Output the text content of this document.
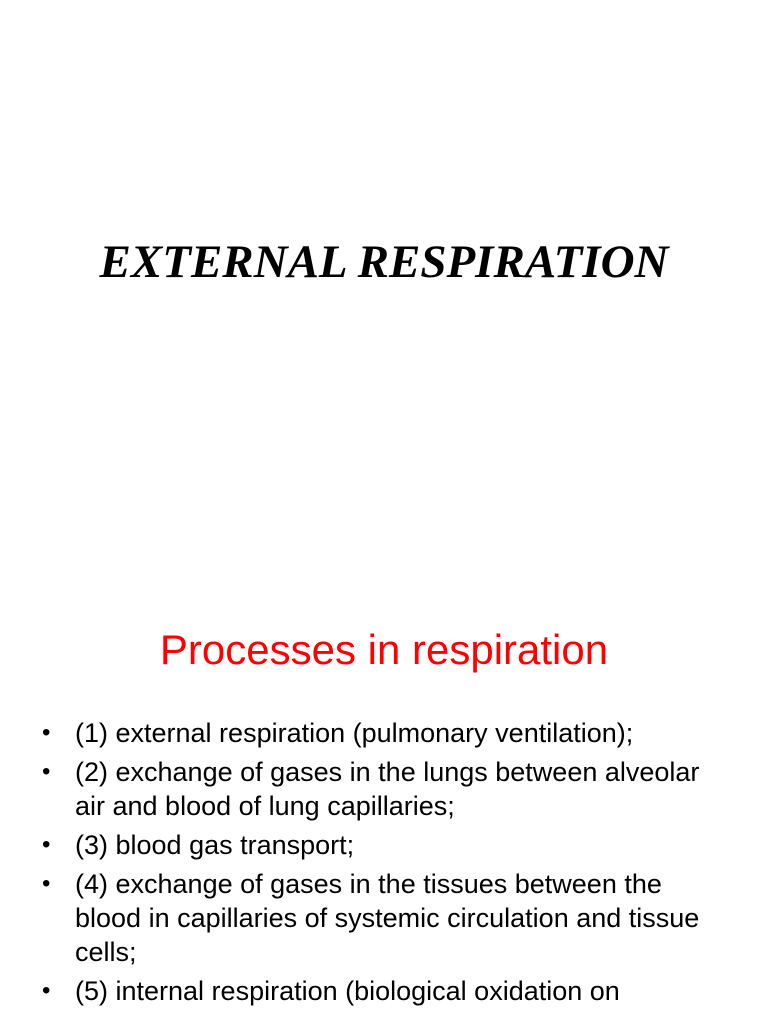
EXTERNAL RESPIRATION
Processes in respiration
• (1) external respiration (pulmonary ventilation);
• (2) exchange of gases in the lungs between alveolar air and blood of lung capillaries;
• (3) blood gas transport;
• (4) exchange of gases in the tissues between the blood in capillaries of systemic circulation and tissue cells;
• (5) internal respiration (biological oxidation on
